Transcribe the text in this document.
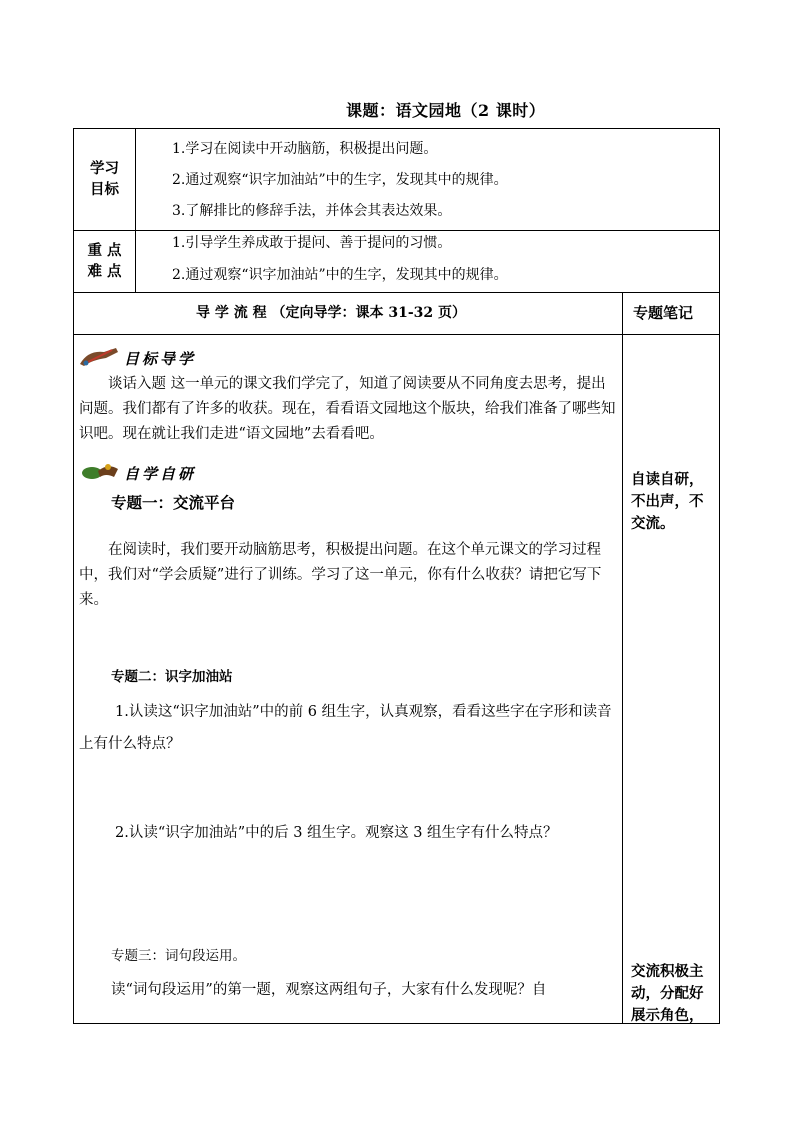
课题：语文园地（2 课时）
学习
目标
1.学习在阅读中开动脑筋，积极提出问题。
2.通过观察“识字加油站”中的生字，发现其中的规律。
3.了解排比的修辞手法，并体会其表达效果。
重 点
难 点
1.引导学生养成敢于提问、善于提问的习惯。
2.通过观察“识字加油站”中的生字，发现其中的规律。
导 学 流 程 （定向导学：课本 31-32 页）	专题笔记
目标导学
谈话入题 这一单元的课文我们学完了，知道了阅读要从不同角度去思考，提出问题。我们都有了许多的收获。现在，看看语文园地这个版块，给我们准备了哪些知识吧。现在就让我们走进“语文园地”去看看吧。
自学自研
专题一：交流平台
在阅读时，我们要开动脑筋思考，积极提出问题。在这个单元课文的学习过程中，我们对“学会质疑”进行了训练。学习了这一单元，你有什么收获？请把它写下来。
专题二：识字加油站
1.认读这“识字加油站”中的前 6 组生字，认真观察，看看这些字在字形和读音上有什么特点？
2.认读“识字加油站”中的后 3 组生字。观察这 3 组生字有什么特点？
专题三：词句段运用。
读“词句段运用”的第一题，观察这两组句子，大家有什么发现呢？自
自读自研，不出声，不交流。
交流积极主动，分配好展示角色，
